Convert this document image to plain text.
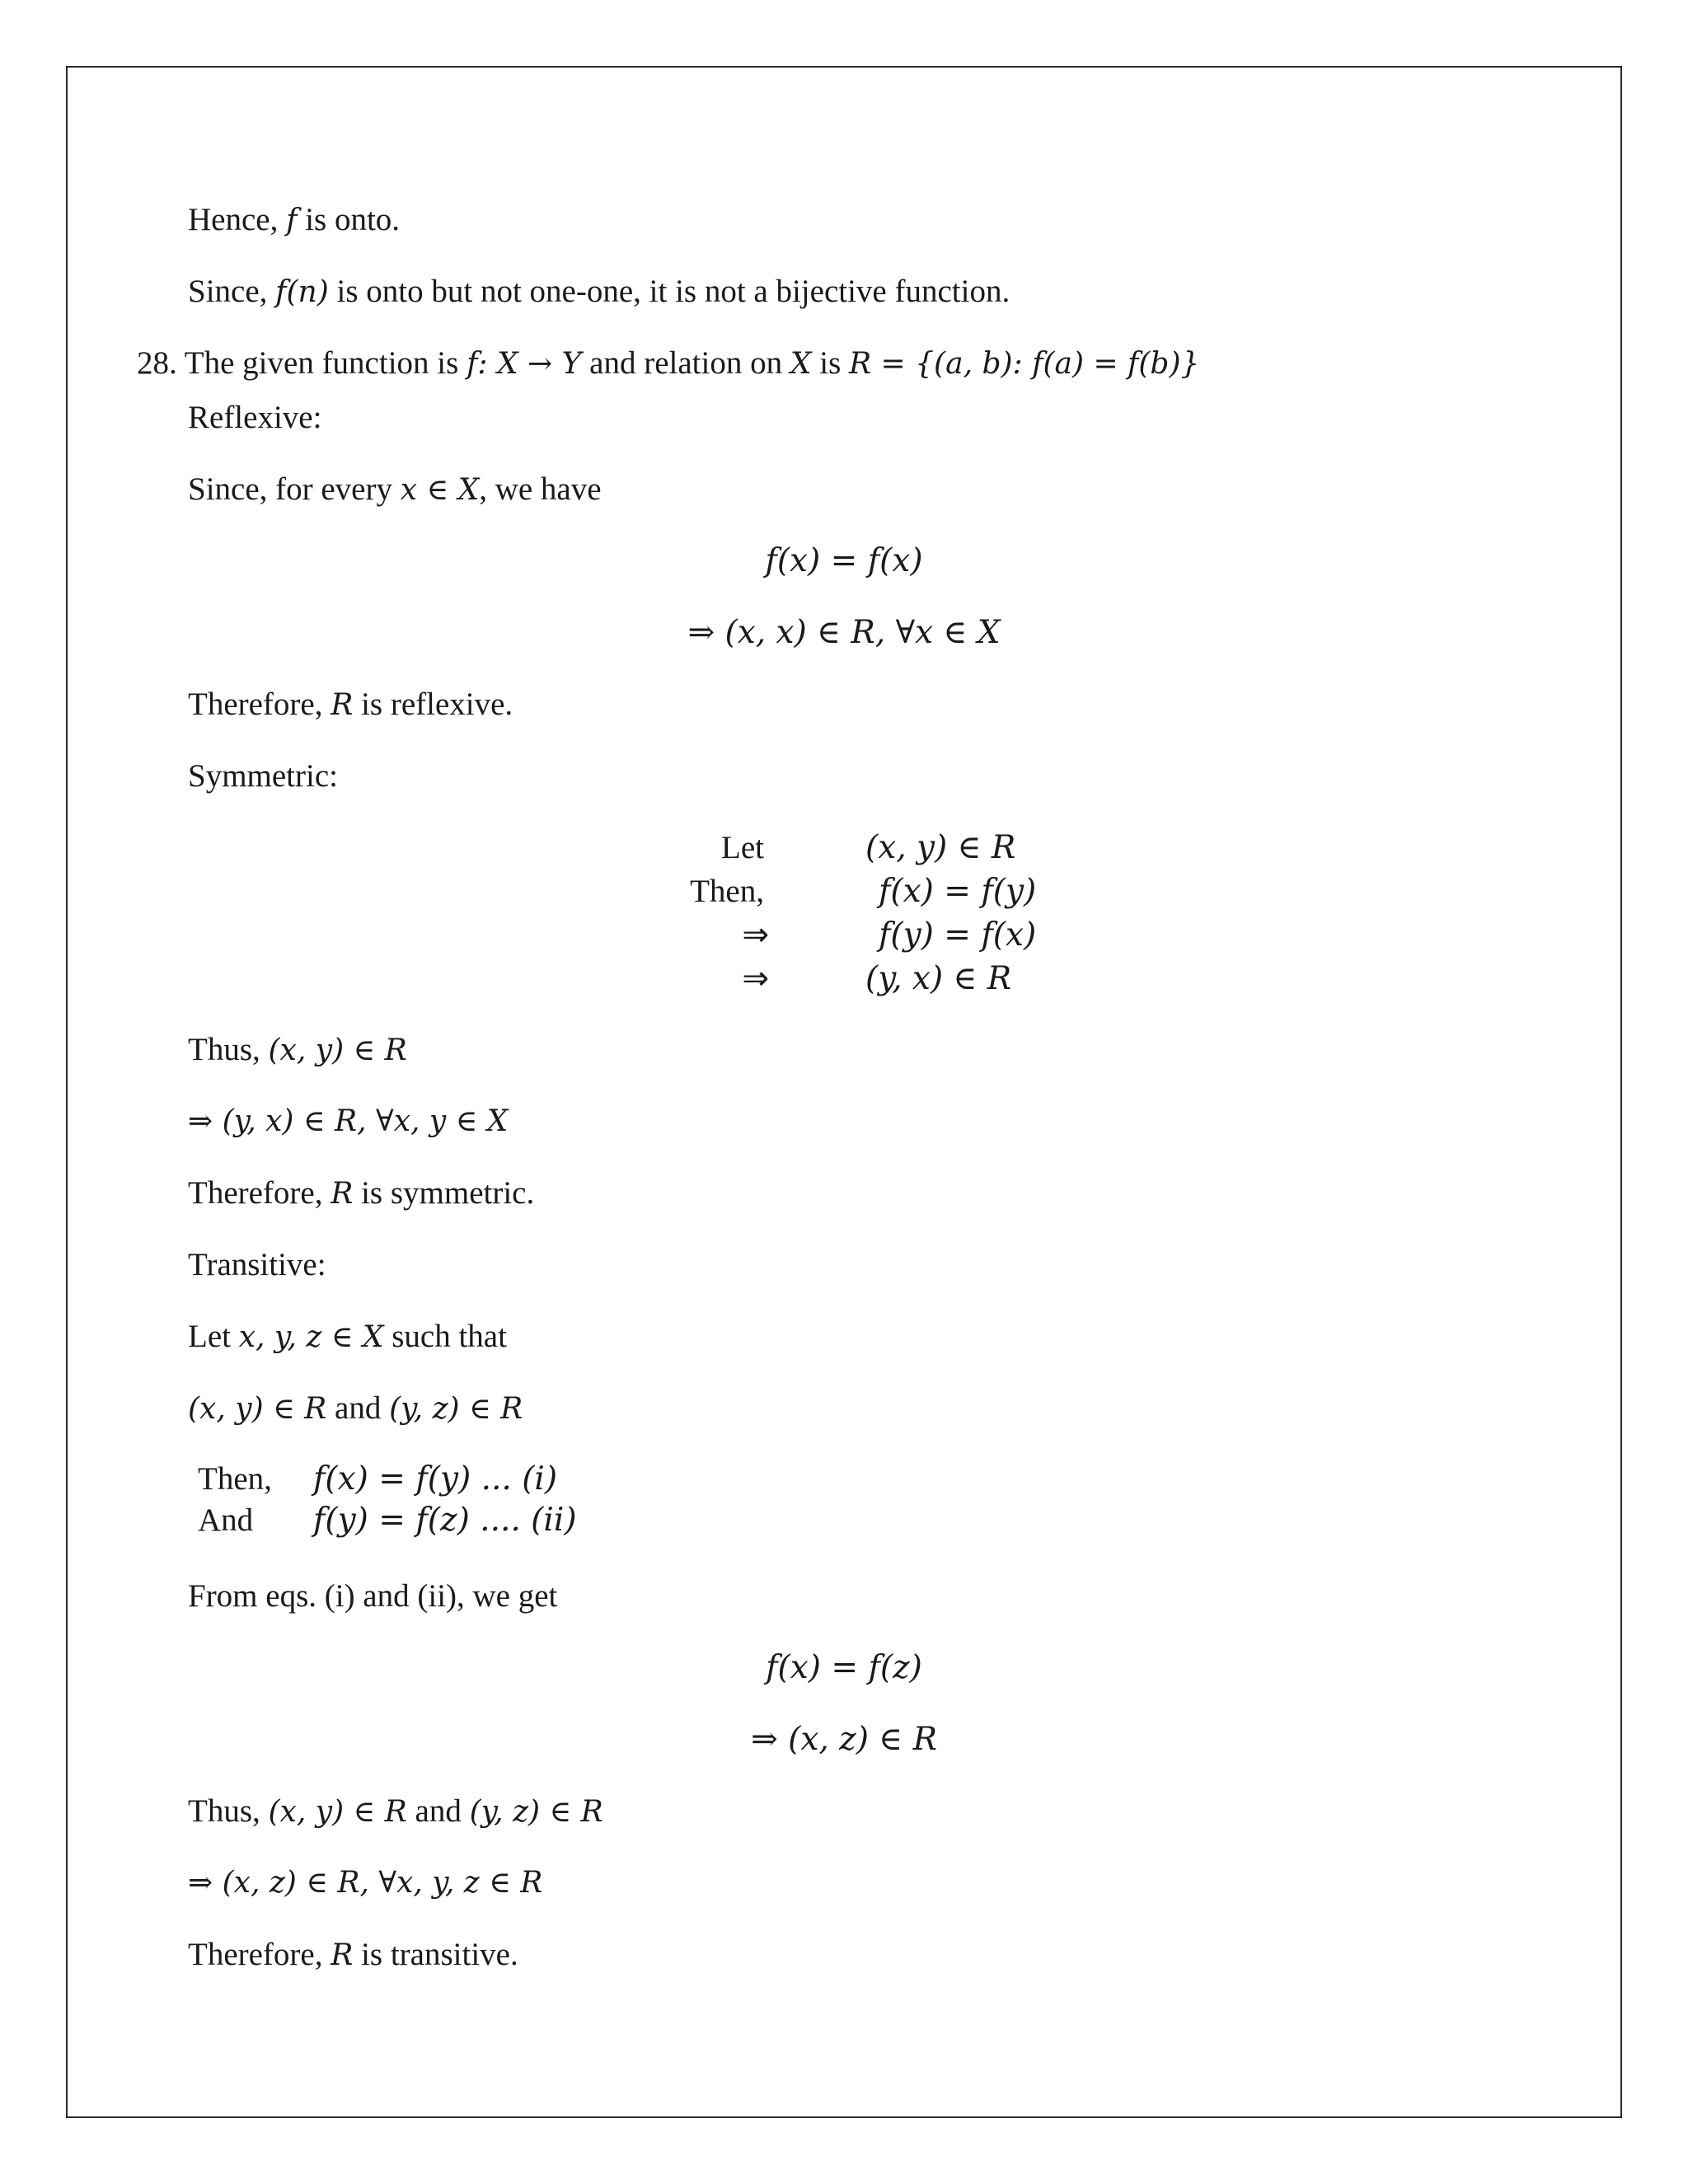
Hence, f is onto.
Since, f(n) is onto but not one-one, it is not a bijective function.
28. The given function is f: X → Y and relation on X is R = {(a, b): f(a) = f(b)}
Reflexive:
Since, for every x ∈ X, we have
f(x) = f(x)
⇒ (x, x) ∈ R, ∀x ∈ X
Therefore, R is reflexive.
Symmetric:
Let	(x, y) ∈ R
Then,	f(x) = f(y)
⇒	f(y) = f(x)
⇒	(y, x) ∈ R
Thus, (x, y) ∈ R
⇒ (y, x) ∈ R, ∀x, y ∈ X
Therefore, R is symmetric.
Transitive:
Let x, y, z ∈ X such that
(x, y) ∈ R and (y, z) ∈ R
Then, f(x) = f(y) ... (i)
And f(y) = f(z) .... (ii)
From eqs. (i) and (ii), we get
f(x) = f(z)
⇒ (x, z) ∈ R
Thus, (x, y) ∈ R and (y, z) ∈ R
⇒ (x, z) ∈ R, ∀x, y, z ∈ R
Therefore, R is transitive.
